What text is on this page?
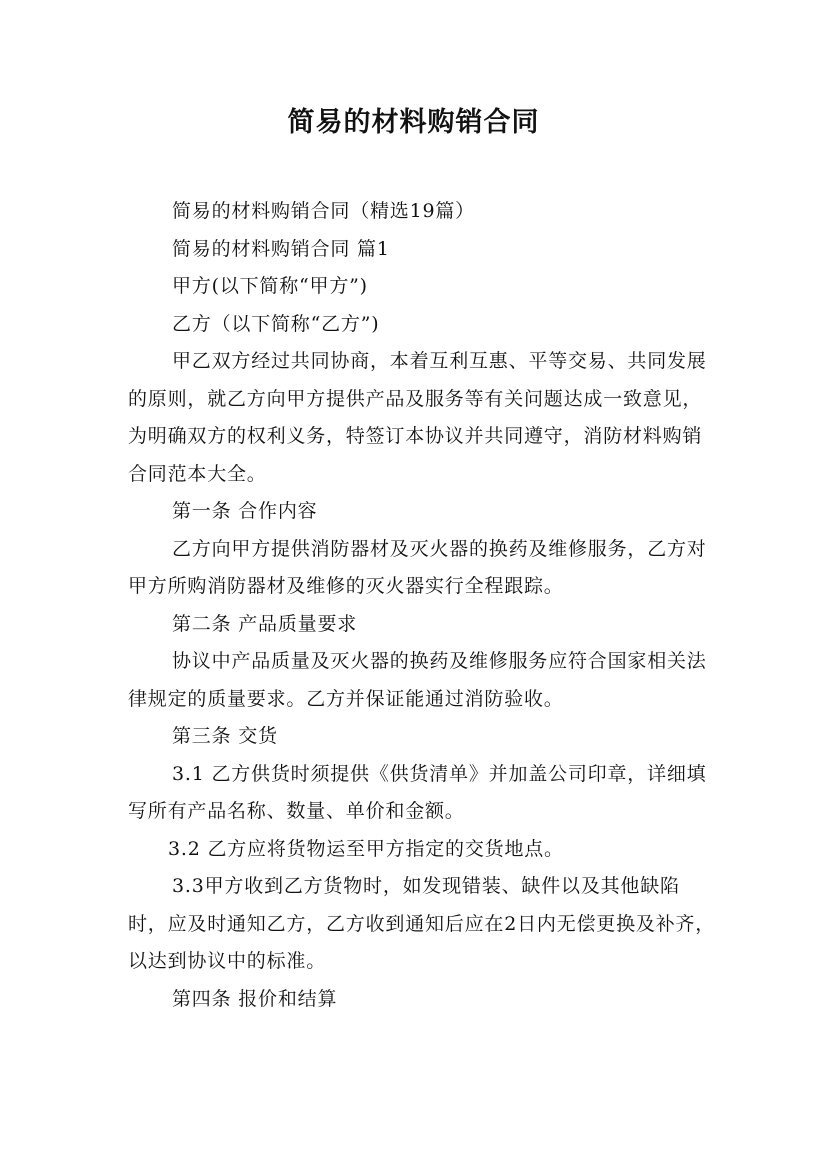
简易的材料购销合同

简易的材料购销合同（精选19篇）

简易的材料购销合同 篇1

甲方(以下简称“甲方”)

乙方（以下简称“乙方”)

甲乙双方经过共同协商，本着互利互惠、平等交易、共同发展的原则，就乙方向甲方提供产品及服务等有关问题达成一致意见，为明确双方的权利义务，特签订本协议并共同遵守，消防材料购销合同范本大全。

第一条 合作内容

乙方向甲方提供消防器材及灭火器的换药及维修服务，乙方对甲方所购消防器材及维修的灭火器实行全程跟踪。

第二条 产品质量要求

协议中产品质量及灭火器的换药及维修服务应符合国家相关法律规定的质量要求。乙方并保证能通过消防验收。

第三条 交货

3.1 乙方供货时须提供《供货清单》并加盖公司印章，详细填写所有产品名称、数量、单价和金额。

3.2 乙方应将货物运至甲方指定的交货地点。

3.3甲方收到乙方货物时，如发现错装、缺件以及其他缺陷时，应及时通知乙方，乙方收到通知后应在2日内无偿更换及补齐，以达到协议中的标准。

第四条 报价和结算
